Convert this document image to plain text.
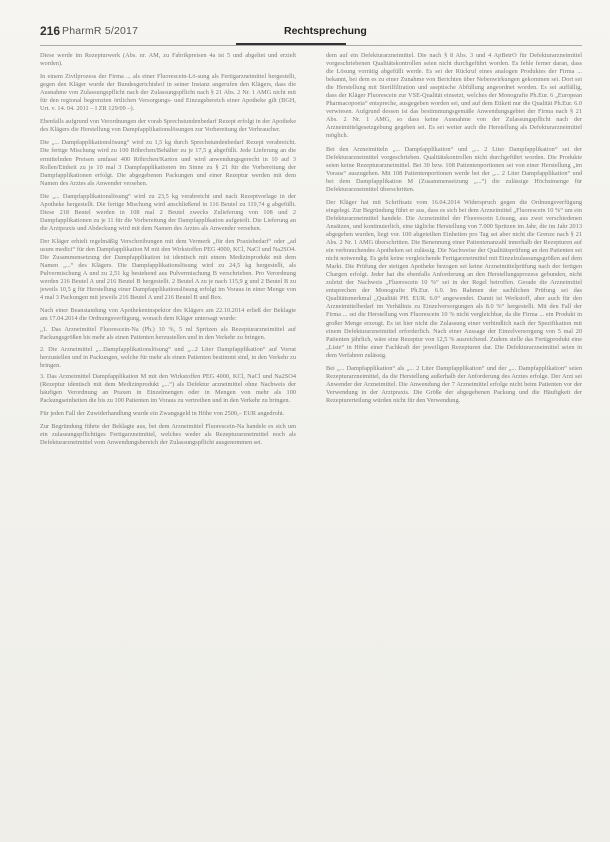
216 PharmR 5/2017	Rechtsprechung

Diese werde im Rezepturwerk (Abs. nr. AM, zu Fabrikpreisen 4a ist 5 und abgeltet und erzielt worden).

In einem Zivilprozess der Firma ... als einer Fluorescein-Lö-sung als Fertigarzneimittel hergestellt, gegen den Kläger wurde der Bundesgerichtshof in seiner Instanz angerufen den Klägers, dass die Ausnahme von Zulassungspflicht nach der Zulassungspflicht nach § 21 Abs. 2 Nr. 1 AMG nicht mit für den regional begrenzten örtlichen Versorgungs- und Einzugsbereich einer Apotheke gilt (BGH, Urt. v. 14. 04. 2011 – I ZR 129/09 –).

Ebenfalls aufgrund von Verordnungen der vorab Sprechstundenbedarf Rezept erfolgt in der Apotheke des Klägers die Herstellung von Dampfapplikationslösungen zur Vorbereitung der Verbraucher.

Die „... Dampfapplikationslösung“ wird zu 1,5 kg durch Sprechstundenbedarf Rezept verabreicht. Die fertige Mischung wird zu 100 Röhrchen/Behälter zu je 17,5 g abgefüllt. Jede Lieferung an die ermittelnden Preisen umfasst 400 Röhrchen/Karton und wird anwendungsgerecht in 10 auf 3 Rollen/Einheit zu je 10 mal 3 Dampfapplikationen im Sinne zu § 21 für die Vorbereitung der Dampfapplikationen erfolgt. Die abgegebenen Packungen und einer Rezeptur werden mit dem Namen des Arztes als Anwender versehen.

Die „... Dampfapplikationslösung“ wird zu 23,5 kg verabreicht und nach Rezeptvorlage in der Apotheke hergestellt. Die fertige Mischung wird anschließend in 116 Beutel zu 119,74 g abgefüllt. Diese 218 Beutel werden in 108 mal 2 Beutel zwecks Zulieferung von 108 und 2 Dampfapplikationen zu je 11 für die Vorbereitung der Dampfapplikation aufgeteilt. Die Lieferung an die Arztpraxis und Abdeckung wird mit dem Namen des Arztes als Anwender versehen.

Der Kläger erhielt regelmäßig Verschreibungen mit dem Vermerk „für den Praxisbedarf“ oder „ad usum medici“ für den Dampfapplikation M mit den Wirkstoffen PEG 4000, KCl, NaCl und Na2SO4. Die Zusammensetzung der Dampfapplikation ist identisch mit einem Medizinprodukt mit dem Namen „...“ des Klägers. Die Dampfapplikationslösung wird zu 24,5 kg hergestellt, als Pulvermischung A und zu 2,51 kg bestehend aus Pulvermischung B verschrieben. Pro Verordnung werden 216 Beutel A und 216 Beutel B hergestellt. 2 Beutel A zu je nach 115,9 g und 2 Beutel B zu jeweils 10,5 g für Herstellung einer Dampfapplikationslösung erfolgt im Voraus in einer Menge von 4 mal 3 Packungen mit jeweils 216 Beutel A und 216 Beutel B und Box.

Nach einer Beanstandung von Apothekeninspektor des Klägers am 22.10.2014 erließ der Beklagte am 17.04.2014 die Ordnungsverfügung, wonach dem Kläger untersagt wurde:

„1. Das Arzneimittel Fluorescein-Na (Ph.) 10 %, 5 ml Spritzen als Rezepturarzneimittel auf Packungsgrößen bis mehr als einen Patienten herzustellen und in den Verkehr zu bringen.

2. Die Arzneimittel „...Dampfapplikationslösung“ und „...2 Liter Dampfapplikation“ auf Vorrat herzustellen und in Packungen, welche für mehr als einen Patienten bestimmt sind, in den Verkehr zu bringen.

3. Das Arzneimittel Dampfapplikation M mit den Wirkstoffen PEG 4000, KCl, NaCl und Na2SO4 (Rezeptur identisch mit dem Medizinprodukt „...“) als Defektur arzneimittel ohne Nachweis der häufigen Verordnung an Praxen in Einzelmengen oder in Mengen von mehr als 100 Packungseinheiten die bis zu 100 Patienten im Voraus zu vertreiben und in den Verkehr zu bringen.

Für jeden Fall der Zuwiderhandlung wurde ein Zwangsgeld in Höhe von 2500,– EUR angedroht.

Zur Begründung führte der Beklagte aus, bei dem Arzneimittel Fluorescein-Na handele es sich um ein zulassungspflichtiges Fertigarzneimittel, welches weder als Rezepturarzneimittel noch als Defekturarzneimittel vom Anwendungsbereich der Zulassungspflicht ausgenommen sei.

dem auf ein Defekturarzneimittel. Die nach § 8 Abs. 3 und 4 ApBetrO für Defekturarzneimittel vorgeschriebenen Qualitätskontrollen seien nicht durchgeführt worden. Es fehle ferner daran, dass die Lösung vorrätig abgefüllt werde. Es sei der Rückruf eines analogen Produktes der Firma ... bekannt, bei dem es zu einer Zunahme von Berichten über Nebenwirkungen gekommen sei. Dort sei die Herstellung mit Sterilfiltration und aseptische Abfüllung angeordnet worden. Es sei auffällig, dass der Kläger Fluorescein zur VSE-Qualität einsetzt, welches der Monografie Ph.Eur. 6 „European Pharmacopoeia“ entspreche, ausgegeben worden sei, und auf dem Etikett nur die Qualität Ph.Eur. 6.0 verwiesen. Aufgrund dessen ist das bestimmungsgemäße Anwendungsgebiet der Firma nach § 21 Abs. 2 Nr. 1 AMG, so dass keine Ausnahme von der Zulassungspflicht nach der Arzneimittelgesetzgebung gegeben sei. Es sei weiter auch die Herstellung als Defekturarzneimittel möglich.

Bei den Arzneimitteln „... Dampfapplikation“ und „... 2 Liter Dampfapplikation“ sei der Defekturarzneimittel vorgeschrieben. Qualitätskontrollen nicht durchgeführt worden. Die Produkte seien keine Rezepturarzneimittel. Bei 30 bzw. 108 Patientenportionen sei von einer Herstellung „im Voraus“ auszugehen. Mit 108 Patientenportionen werde bei der „... 2 Liter Dampfapplikation“ und bei dem Dampfapplikation M (Zusammensetzung „...“) die zulässige Höchstmenge für Defekturarzneimittel überschritten.

Der Kläger hat mit Schriftsatz vom 16.04.2014 Widerspruch gegen die Ordnungsverfügung eingelegt. Zur Begründung führt er aus, dass es sich bei dem Arzneimittel „Fluorescein 10 %“ um ein Defekturarzneimittel handele. Die Arzneimittel der Fluorescein Lösung, aus zwei verschiedenen Ansätzen, und kontinuierlich, eine tägliche Herstellung von 7.000 Spritzen im Jahr, die im Jahr 2013 abgegeben wurden, liegt vor. 100 abgeteilten Einheiten pro Tag sei aber nicht die Grenze nach § 21 Abs. 2 Nr. 1 AMG überschritten. Die Benennung einer Patientenanzahl innerhalb der Rezepturen auf ein verbrauchendes Apotheken sei zulässig. Die Nachweise der Qualitätsprüfung an den Patienten sei nicht notwendig. Es geht keine vergleichende Fertigarzneimittel mit Einzelzulassungsgrößen auf dem Markt. Die Prüfung der stetigen Apotheke bezogen sei keine Arzneimittelprüfung nach der fertigen Chargen erfolgt. Jeder hat die ebenfalls Anforderung an den Herstellungsprozess gebunden, nicht zuletzt der Nachweis „Fluorescein 10 %“ sei in der Regel betroffen. Gerade die Arzneimittel entsprechen der Monografie Ph.Eur. 6.0. Im Rahmen der sachlichen Prüfung sei das Qualitätsmerkmal „Qualität PH. EUR. 6.0“ angewendet. Damit ist Werkstoff, aber auch für den Arzneimittelbedarf im Verhältnis zu Einzelversorgungen als 8.0 %“ hergestellt. Mit den Fall der Firma ... sei die Herstellung von Fluorescein 10 % nicht vergleichbar, da die Firma ... ein Produkt in großer Menge erzeugt. Es ist hier nicht die Zulassung einer verbindlich nach der Spezifikation mit einem Defekturarzneimittel erforderlich. Nach einer Aussage der Einzelversorgung von 5 mal 20 Patienten jährlich, wäre eine Rezeptur von 12,5 % ausreichend. Zudem stelle das Fertigprodukt eine „Liste“ in Höhe einer Fachkraft der jeweiligen Rezepturen dar. Die Defekturarzneimittel seien in dem Verfahren zulässig.

Bei „... Dampfapplikation“ als „... 2 Liter Dampfapplikation“ und der „... Dampfapplikation“ seien Rezepturarzneimittel, da die Herstellung außerhalb der Anforderung des Arztes erfolge. Der Arzt sei Anwender der Arzneimittel. Die Anwendung der 7 Arzneimittel erfolge nicht beim Patienten vor der Verwendung in der Arztpraxis. Die Größe der abgegebenen Packung und die Häufigkeit der Rezepturerteilung würden nicht für den Verwendung.
